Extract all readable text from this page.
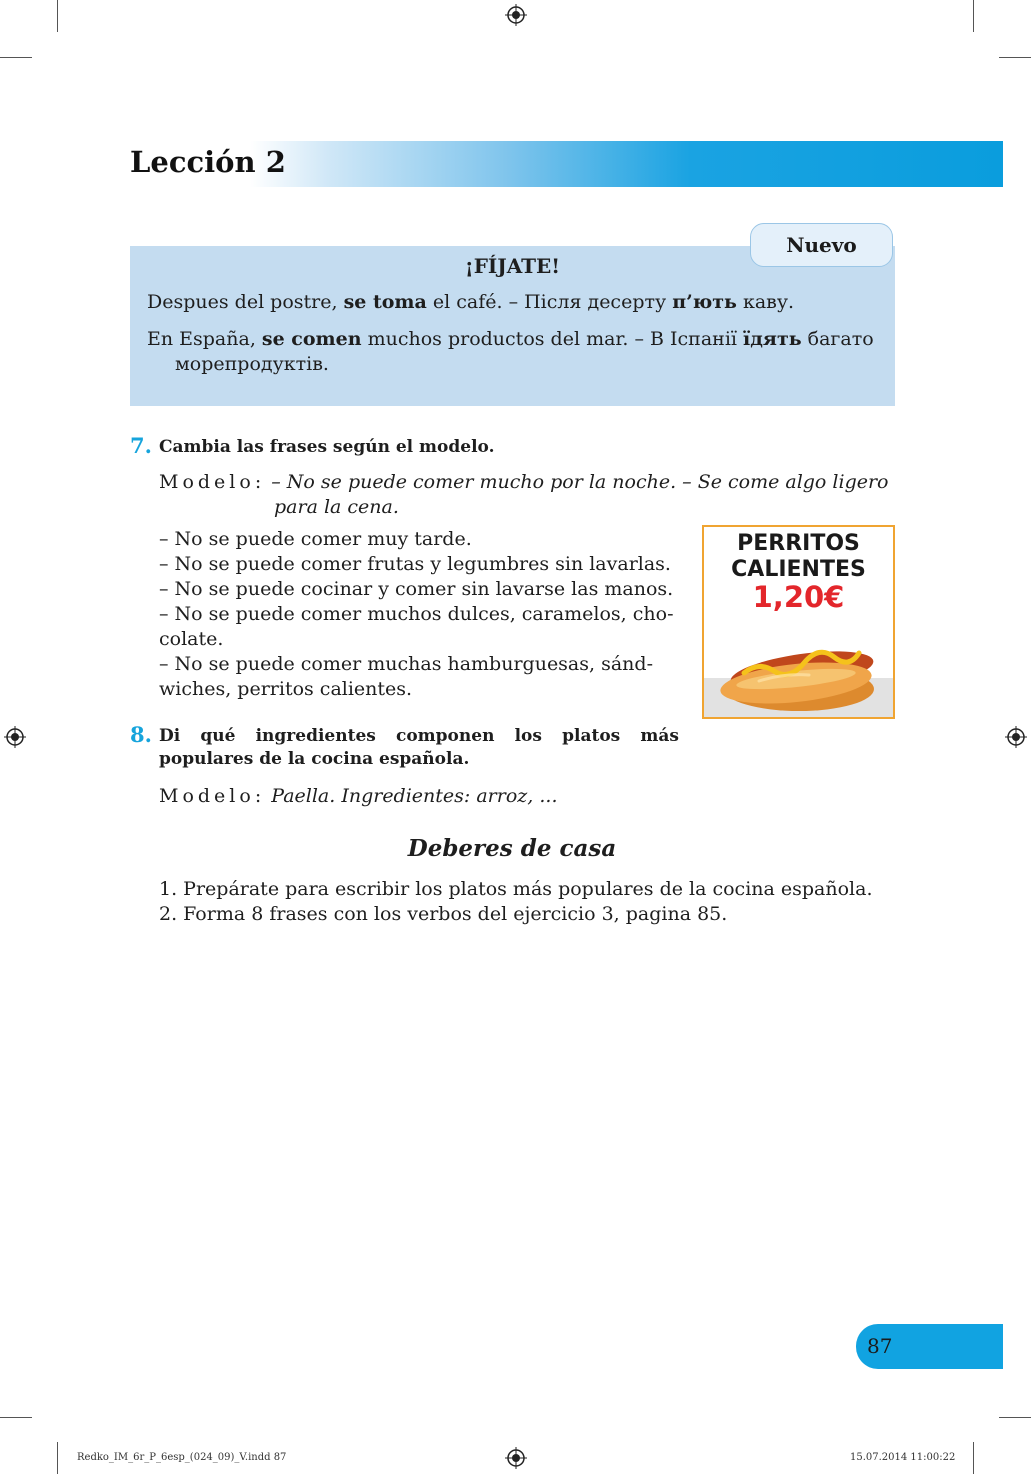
Lección 2
Nuevo
¡FÍJATE!
Despues del postre, se toma el café. – Після десерту п’ють каву.
En España, se comen muchos productos del mar. – В Іспанії їдять багато
морепродуктів.
7. Cambia las frases según el modelo.
Modelo: – No se puede comer mucho por la noche. – Se come algo ligero
para la cena.
– No se puede comer muy tarde.
– No se puede comer frutas y legumbres sin lavarlas.
– No se puede cocinar y comer sin lavarse las manos.
– No se puede comer muchos dulces, caramelos, cho-
colate.
– No se puede comer muchas hamburguesas, sánd-
wiches, perritos calientes.
PERRITOS
CALIENTES
1,20€
8. Di qué ingredientes componen los platos más
populares de la cocina española.
Modelo: Paella. Ingredientes: arroz, ...
Deberes de casa
1. Prepárate para escribir los platos más populares de la cocina española.
2. Forma 8 frases con los verbos del ejercicio 3, pagina 85.
87
Redko_IM_6r_P_6esp_(024_09)_V.indd 87	15.07.2014 11:00:22
